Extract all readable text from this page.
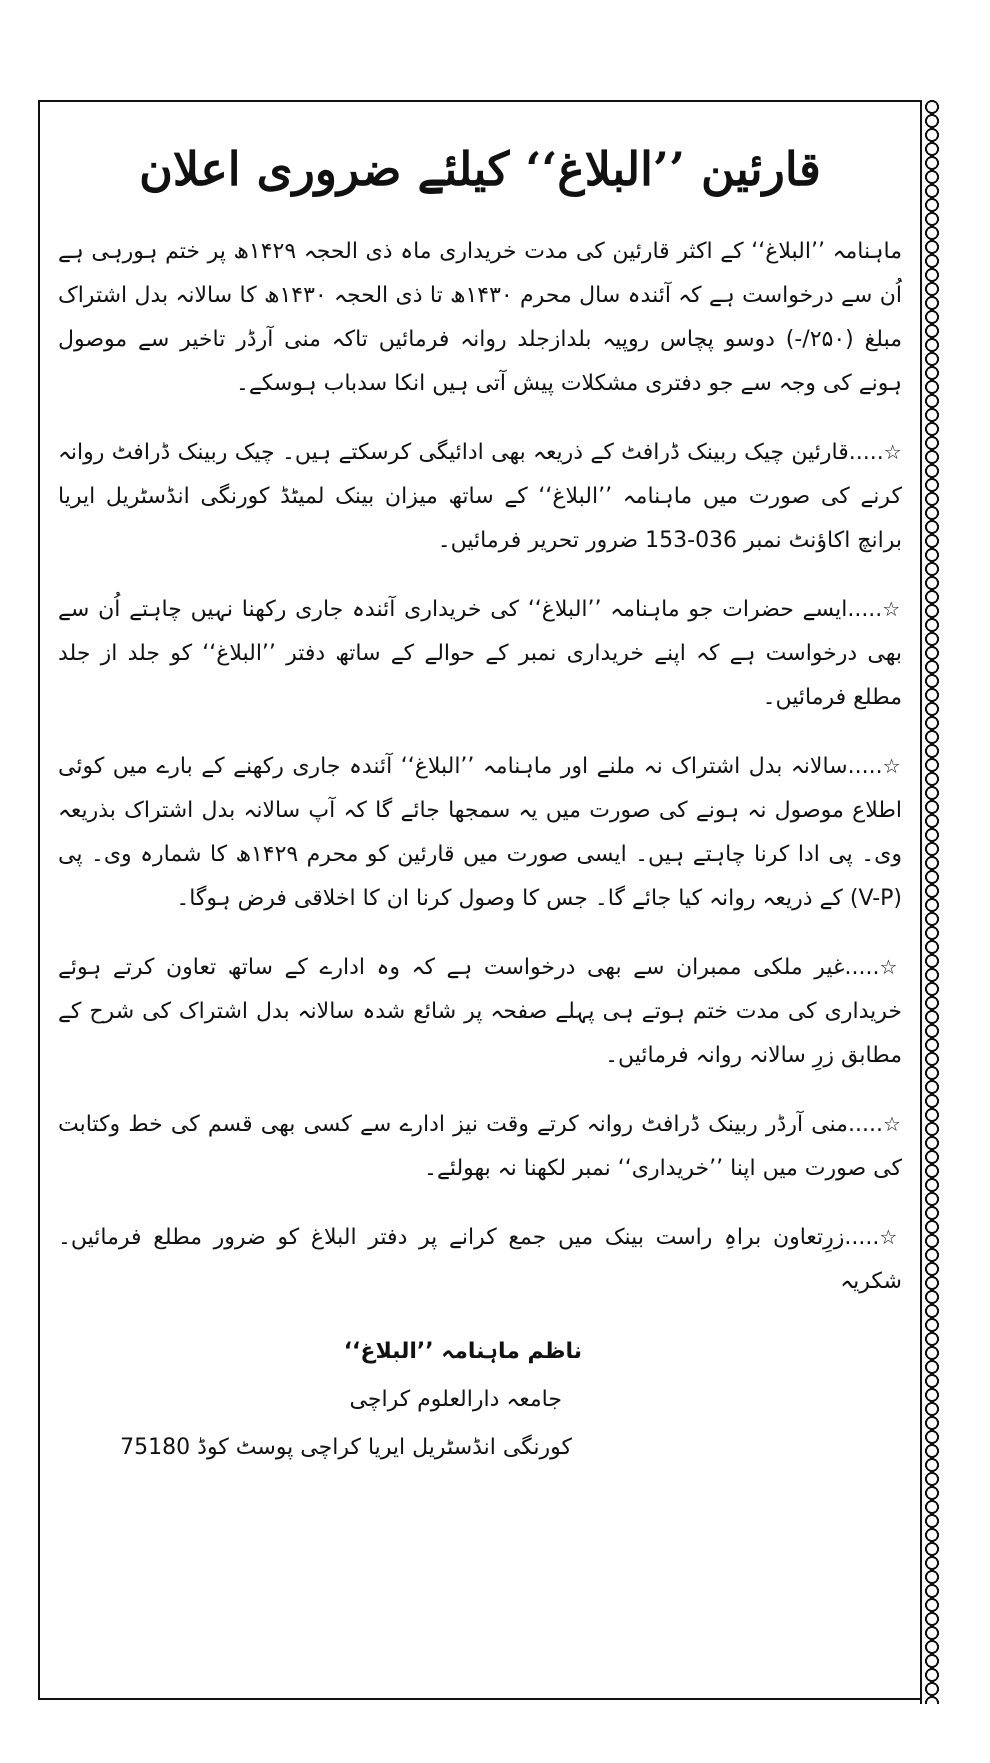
قارئین ’’البلاغ‘‘ کیلئے ضروری اعلان

ماہنامہ ’’البلاغ‘‘ کے اکثر قارئین کی مدت خریداری ماہ ذی الحجہ ۱۴۲۹ھ پر ختم ہورہی ہے اُن سے درخواست ہے کہ آئندہ سال محرم ۱۴۳۰ھ تا ذی الحجہ ۱۴۳۰ھ کا سالانہ بدل اشتراک مبلغ (۲۵۰/-) دوسو پچاس روپیہ بلدازجلد روانہ فرمائیں تاکہ منی آرڈر تاخیر سے موصول ہونے کی وجہ سے جو دفتری مشکلات پیش آتی ہیں انکا سدباب ہوسکے۔

☆.....قارئین چیک ربینک ڈرافٹ کے ذریعہ بھی ادائیگی کرسکتے ہیں۔ چیک ربینک ڈرافٹ روانہ کرنے کی صورت میں ماہنامہ ’’البلاغ‘‘ کے ساتھ میزان بینک لمیٹڈ کورنگی انڈسٹریل ایریا برانچ اکاؤنٹ نمبر 036-153 ضرور تحریر فرمائیں۔

☆.....ایسے حضرات جو ماہنامہ ’’البلاغ‘‘ کی خریداری آئندہ جاری رکھنا نہیں چاہتے اُن سے بھی درخواست ہے کہ اپنے خریداری نمبر کے حوالے کے ساتھ دفتر ’’البلاغ‘‘ کو جلد از جلد مطلع فرمائیں۔

☆.....سالانہ بدل اشتراک نہ ملنے اور ماہنامہ ’’البلاغ‘‘ آئندہ جاری رکھنے کے بارے میں کوئی اطلاع موصول نہ ہونے کی صورت میں یہ سمجھا جائے گا کہ آپ سالانہ بدل اشتراک بذریعہ وی۔ پی ادا کرنا چاہتے ہیں۔ ایسی صورت میں قارئین کو محرم ۱۴۲۹ھ کا شمارہ وی۔ پی (V-P) کے ذریعہ روانہ کیا جائے گا۔ جس کا وصول کرنا ان کا اخلاقی فرض ہوگا۔

☆.....غیر ملکی ممبران سے بھی درخواست ہے کہ وہ ادارے کے ساتھ تعاون کرتے ہوئے خریداری کی مدت ختم ہوتے ہی پہلے صفحہ پر شائع شدہ سالانہ بدل اشتراک کی شرح کے مطابق زرِ سالانہ روانہ فرمائیں۔

☆.....منی آرڈر ربینک ڈرافٹ روانہ کرتے وقت نیز ادارے سے کسی بھی قسم کی خط وکتابت کی صورت میں اپنا ’’خریداری‘‘ نمبر لکھنا نہ بھولئے۔

☆.....زرِتعاون براہِ راست بینک میں جمع کرانے پر دفتر البلاغ کو ضرور مطلع فرمائیں۔ شکریہ

ناظم ماہنامہ ’’البلاغ‘‘
جامعہ دارالعلوم کراچی
کورنگی انڈسٹریل ایریا کراچی پوسٹ کوڈ 75180
